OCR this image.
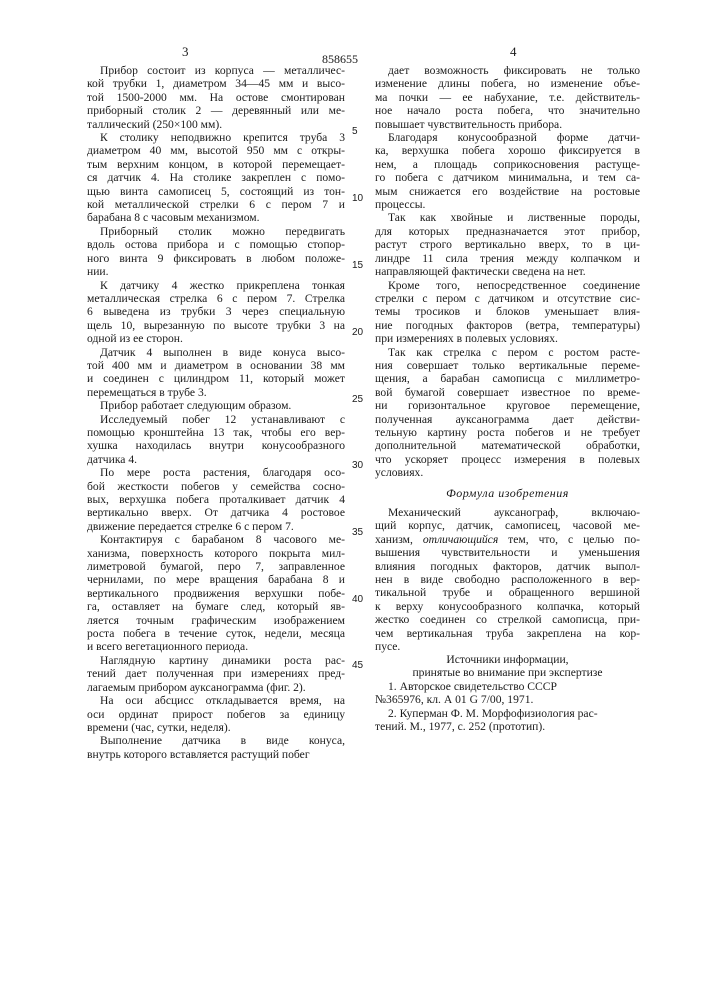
3	858655	4
Прибор состоит из корпуса — металличес-
кой трубки 1, диаметром 34—45 мм и высо-
той 1500-2000 мм. На остове смонтирован
приборный столик 2 — деревянный или ме-
таллический (250×100 мм).
К столику неподвижно крепится труба 3
диаметром 40 мм, высотой 950 мм с откры-
тым верхним концом, в которой перемещает-
ся датчик 4. На столике закреплен с помо-
щью винта самописец 5, состоящий из тон-
кой металлической стрелки 6 с пером 7 и
барабана 8 с часовым механизмом.
Приборный столик можно передвигать
вдоль остова прибора и с помощью стопор-
ного винта 9 фиксировать в любом положе-
нии.
К датчику 4 жестко прикреплена тонкая
металлическая стрелка 6 с пером 7. Стрелка
6 выведена из трубки 3 через специальную
щель 10, вырезанную по высоте трубки 3 на
одной из ее сторон.
Датчик 4 выполнен в виде конуса высо-
той 400 мм и диаметром в основании 38 мм
и соединен с цилиндром 11, который может
перемещаться в трубе 3.
Прибор работает следующим образом.
Исследуемый побег 12 устанавливают с
помощью кронштейна 13 так, чтобы его вер-
хушка находилась внутри конусообразного
датчика 4.
По мере роста растения, благодаря осо-
бой жесткости побегов у семейства сосно-
вых, верхушка побега проталкивает датчик 4
вертикально вверх. От датчика 4 ростовое
движение передается стрелке 6 с пером 7.
Контактируя с барабаном 8 часового ме-
ханизма, поверхность которого покрыта мил-
лиметровой бумагой, перо 7, заправленное
чернилами, по мере вращения барабана 8 и
вертикального продвижения верхушки побе-
га, оставляет на бумаге след, который яв-
ляется точным графическим изображением
роста побега в течение суток, недели, месяца
и всего вегетационного периода.
Наглядную картину динамики роста рас-
тений дает полученная при измерениях пред-
лагаемым прибором ауксанограмма (фиг. 2).
На оси абсцисс откладывается время, на
оси ординат прирост побегов за единицу
времени (час, сутки, неделя).
Выполнение датчика в виде конуса,
внутрь которого вставляется растущий побег
дает возможность фиксировать не только
изменение длины побега, но изменение объе-
ма почки — ее набухание, т.е. действитель-
ное начало роста побега, что значительно
повышает чувствительность прибора.
Благодаря конусообразной форме датчи-
ка, верхушка побега хорошо фиксируется в
нем, а площадь соприкосновения растуще-
го побега с датчиком минимальна, и тем са-
мым снижается его воздействие на ростовые
процессы.
Так как хвойные и лиственные породы,
для которых предназначается этот прибор,
растут строго вертикально вверх, то в ци-
линдре 11 сила трения между колпачком и
направляющей фактически сведена на нет.
Кроме того, непосредственное соединение
стрелки с пером с датчиком и отсутствие сис-
темы тросиков и блоков уменьшает влия-
ние погодных факторов (ветра, температуры)
при измерениях в полевых условиях.
Так как стрелка с пером с ростом расте-
ния совершает только вертикальные переме-
щения, а барабан самописца с миллиметро-
вой бумагой совершает известное по време-
ни горизонтальное круговое перемещение,
полученная ауксанограмма дает действи-
тельную картину роста побегов и не требует
дополнительной математической обработки,
что ускоряет процесс измерения в полевых
условиях.
Формула изобретения
Механический ауксанограф, включаю-
щий корпус, датчик, самописец, часовой ме-
ханизм, отличающийся тем, что, с целью по-
вышения чувствительности и уменьшения
влияния погодных факторов, датчик выпол-
нен в виде свободно расположенного в вер-
тикальной трубе и обращенного вершиной
к верху конусообразного колпачка, который
жестко соединен со стрелкой самописца, при-
чем вертикальная труба закреплена на кор-
пусе.
Источники информации,
принятые во внимание при экспертизе
1. Авторское свидетельство СССР
№365976, кл. А 01 G 7/00, 1971.
2. Куперман Ф. М. Морфофизиология рас-
тений. М., 1977, с. 252 (прототип).
5
10
15
20
25
30
35
40
45
